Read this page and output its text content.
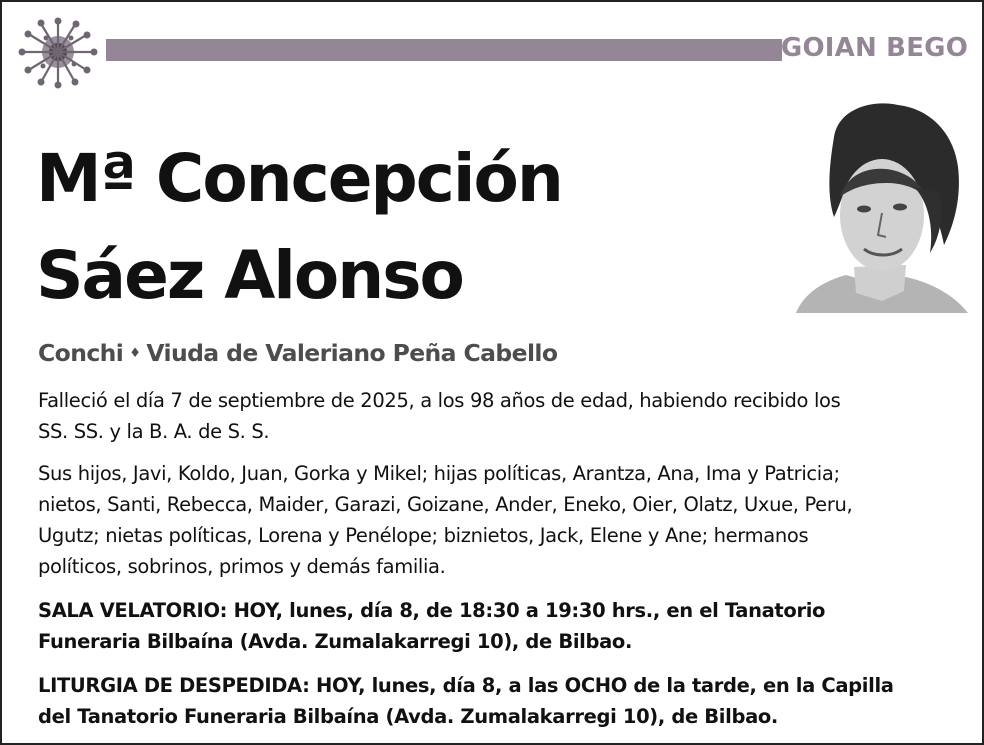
GOIAN BEGO
Mª Concepción
Sáez Alonso
Conchi ♦ Viuda de Valeriano Peña Cabello
Falleció el día 7 de septiembre de 2025, a los 98 años de edad, habiendo recibido los
SS. SS. y la B. A. de S. S.
Sus hijos, Javi, Koldo, Juan, Gorka y Mikel; hijas políticas, Arantza, Ana, Ima y Patricia;
nietos, Santi, Rebecca, Maider, Garazi, Goizane, Ander, Eneko, Oier, Olatz, Uxue, Peru,
Ugutz; nietas políticas, Lorena y Penélope; biznietos, Jack, Elene y Ane; hermanos
políticos, sobrinos, primos y demás familia.
SALA VELATORIO: HOY, lunes, día 8, de 18:30 a 19:30 hrs., en el Tanatorio
Funeraria Bilbaína (Avda. Zumalakarregi 10), de Bilbao.
LITURGIA DE DESPEDIDA: HOY, lunes, día 8, a las OCHO de la tarde, en la Capilla
del Tanatorio Funeraria Bilbaína (Avda. Zumalakarregi 10), de Bilbao.
